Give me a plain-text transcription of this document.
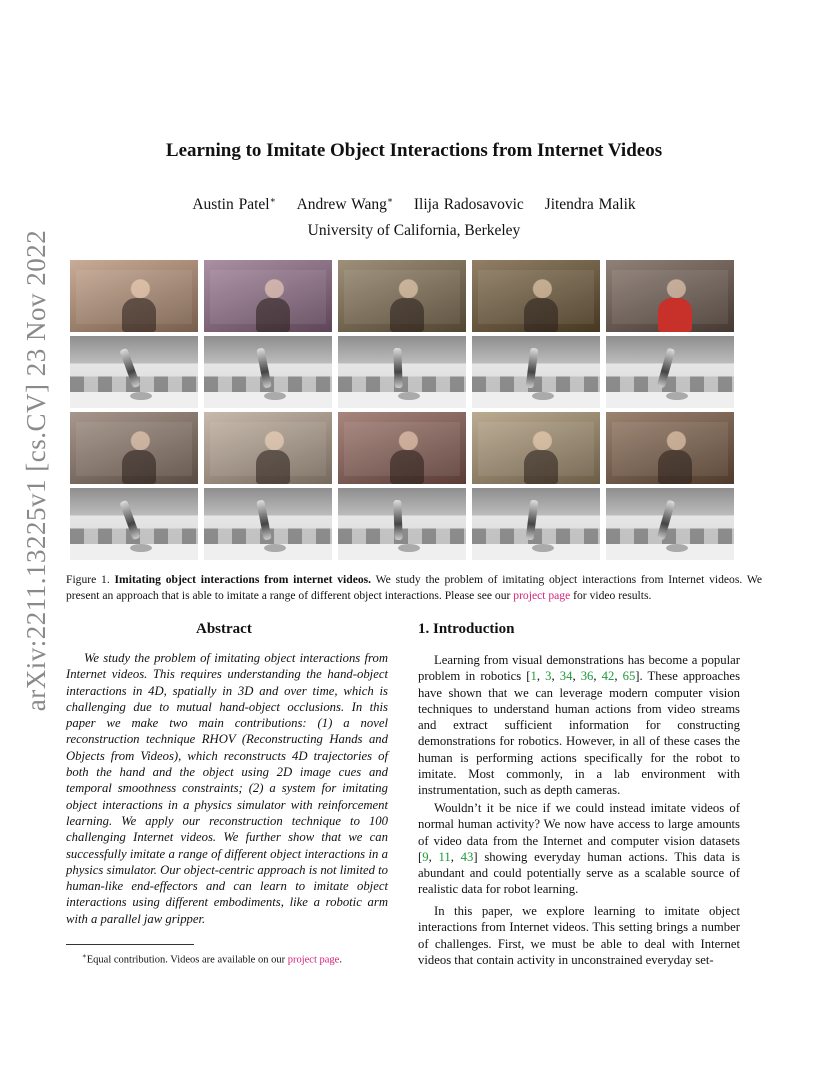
arXiv:2211.13225v1 [cs.CV] 23 Nov 2022
Learning to Imitate Object Interactions from Internet Videos
Austin Patel∗ Andrew Wang∗ Ilija Radosavovic Jitendra Malik
University of California, Berkeley
Figure 1. Imitating object interactions from internet videos. We study the problem of imitating object interactions from Internet videos. We present an approach that is able to imitate a range of different object interactions. Please see our project page for video results.
Abstract
We study the problem of imitating object interactions from Internet videos. This requires understanding the hand-object interactions in 4D, spatially in 3D and over time, which is challenging due to mutual hand-object occlusions. In this paper we make two main contributions: (1) a novel reconstruction technique RHOV (Reconstructing Hands and Objects from Videos), which reconstructs 4D trajectories of both the hand and the object using 2D image cues and temporal smoothness constraints; (2) a system for imitating object interactions in a physics simulator with reinforcement learning. We apply our reconstruction technique to 100 challenging Internet videos. We further show that we can successfully imitate a range of different object interactions in a physics simulator. Our object-centric approach is not limited to human-like end-effectors and can learn to imitate object interactions using different embodiments, like a robotic arm with a parallel jaw gripper.
1. Introduction
Learning from visual demonstrations has become a popular problem in robotics [1, 3, 34, 36, 42, 65]. These approaches have shown that we can leverage modern computer vision techniques to understand human actions from video streams and extract sufficient information for constructing demonstrations for robotics. However, in all of these cases the human is performing actions specifically for the robot to imitate. Most commonly, in a lab environment with instrumentation, such as depth cameras.
Wouldn’t it be nice if we could instead imitate videos of normal human activity? We now have access to large amounts of video data from the Internet and computer vision datasets [9, 11, 43] showing everyday human actions. This data is abundant and could potentially serve as a scalable source of realistic data for robot learning.
In this paper, we explore learning to imitate object interactions from Internet videos. This setting brings a number of challenges. First, we must be able to deal with Internet videos that contain activity in unconstrained everyday set-
∗Equal contribution. Videos are available on our project page.
